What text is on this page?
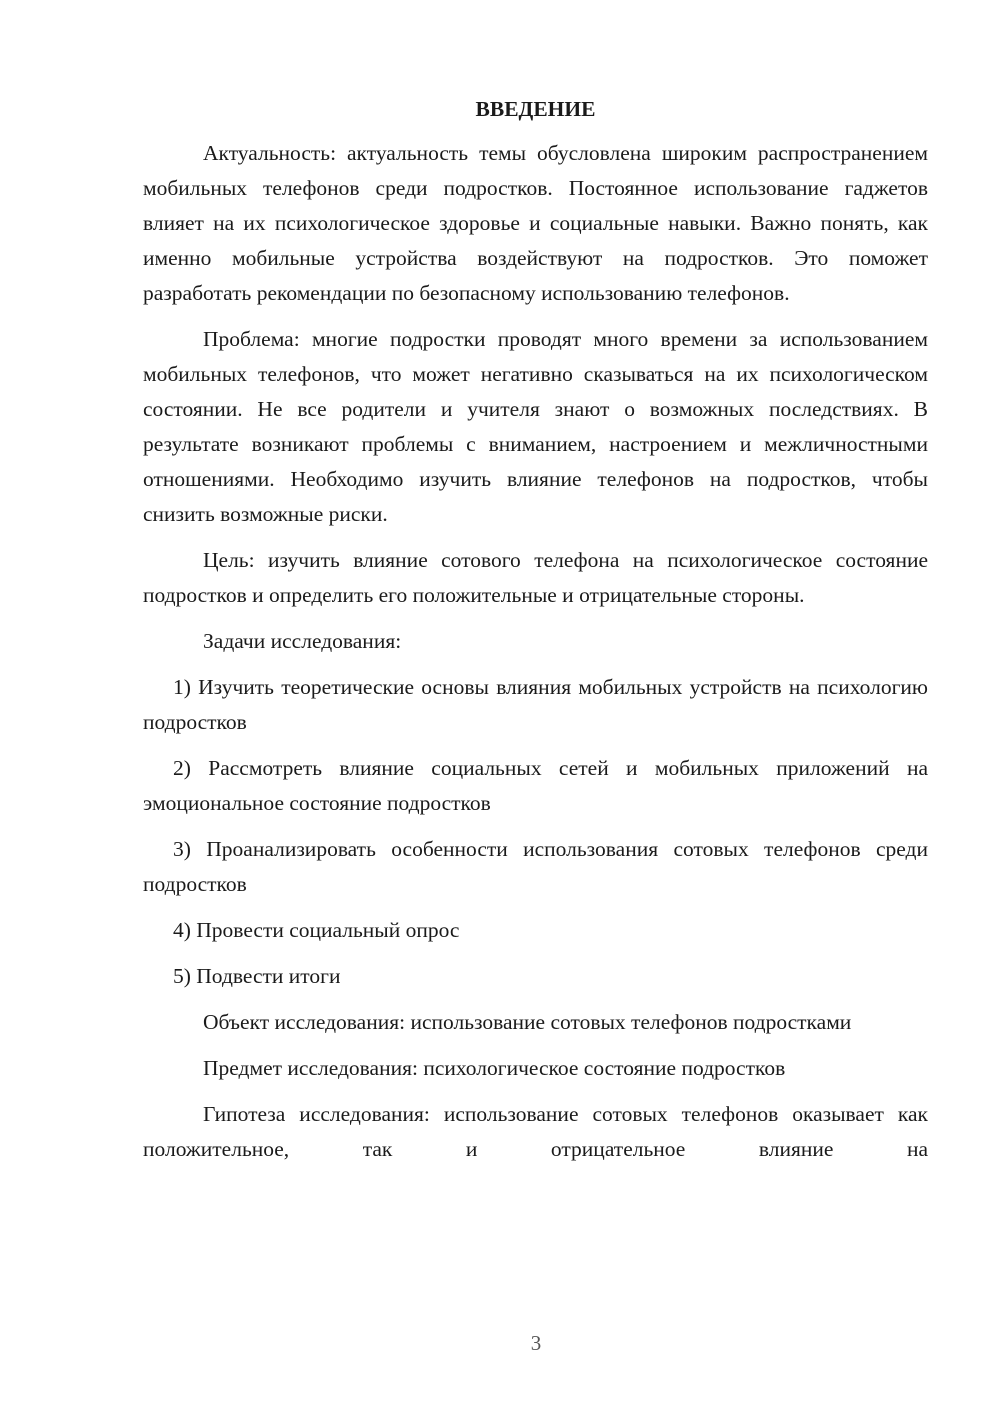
ВВЕДЕНИЕ

Актуальность: актуальность темы обусловлена широким распространением мобильных телефонов среди подростков. Постоянное использование гаджетов влияет на их психологическое здоровье и социальные навыки. Важно понять, как именно мобильные устройства воздействуют на подростков. Это поможет разработать рекомендации по безопасному использованию телефонов.

Проблема: многие подростки проводят много времени за использованием мобильных телефонов, что может негативно сказываться на их психологическом состоянии. Не все родители и учителя знают о возможных последствиях. В результате возникают проблемы с вниманием, настроением и межличностными отношениями. Необходимо изучить влияние телефонов на подростков, чтобы снизить возможные риски.

Цель: изучить влияние сотового телефона на психологическое состояние подростков и определить его положительные и отрицательные стороны.

Задачи исследования:

1) Изучить теоретические основы влияния мобильных устройств на психологию подростков

2) Рассмотреть влияние социальных сетей и мобильных приложений на эмоциональное состояние подростков

3) Проанализировать особенности использования сотовых телефонов среди подростков

4) Провести социальный опрос

5) Подвести итоги

Объект исследования: использование сотовых телефонов подростками

Предмет исследования: психологическое состояние подростков

Гипотеза исследования: использование сотовых телефонов оказывает как положительное, так и отрицательное влияние на

3
